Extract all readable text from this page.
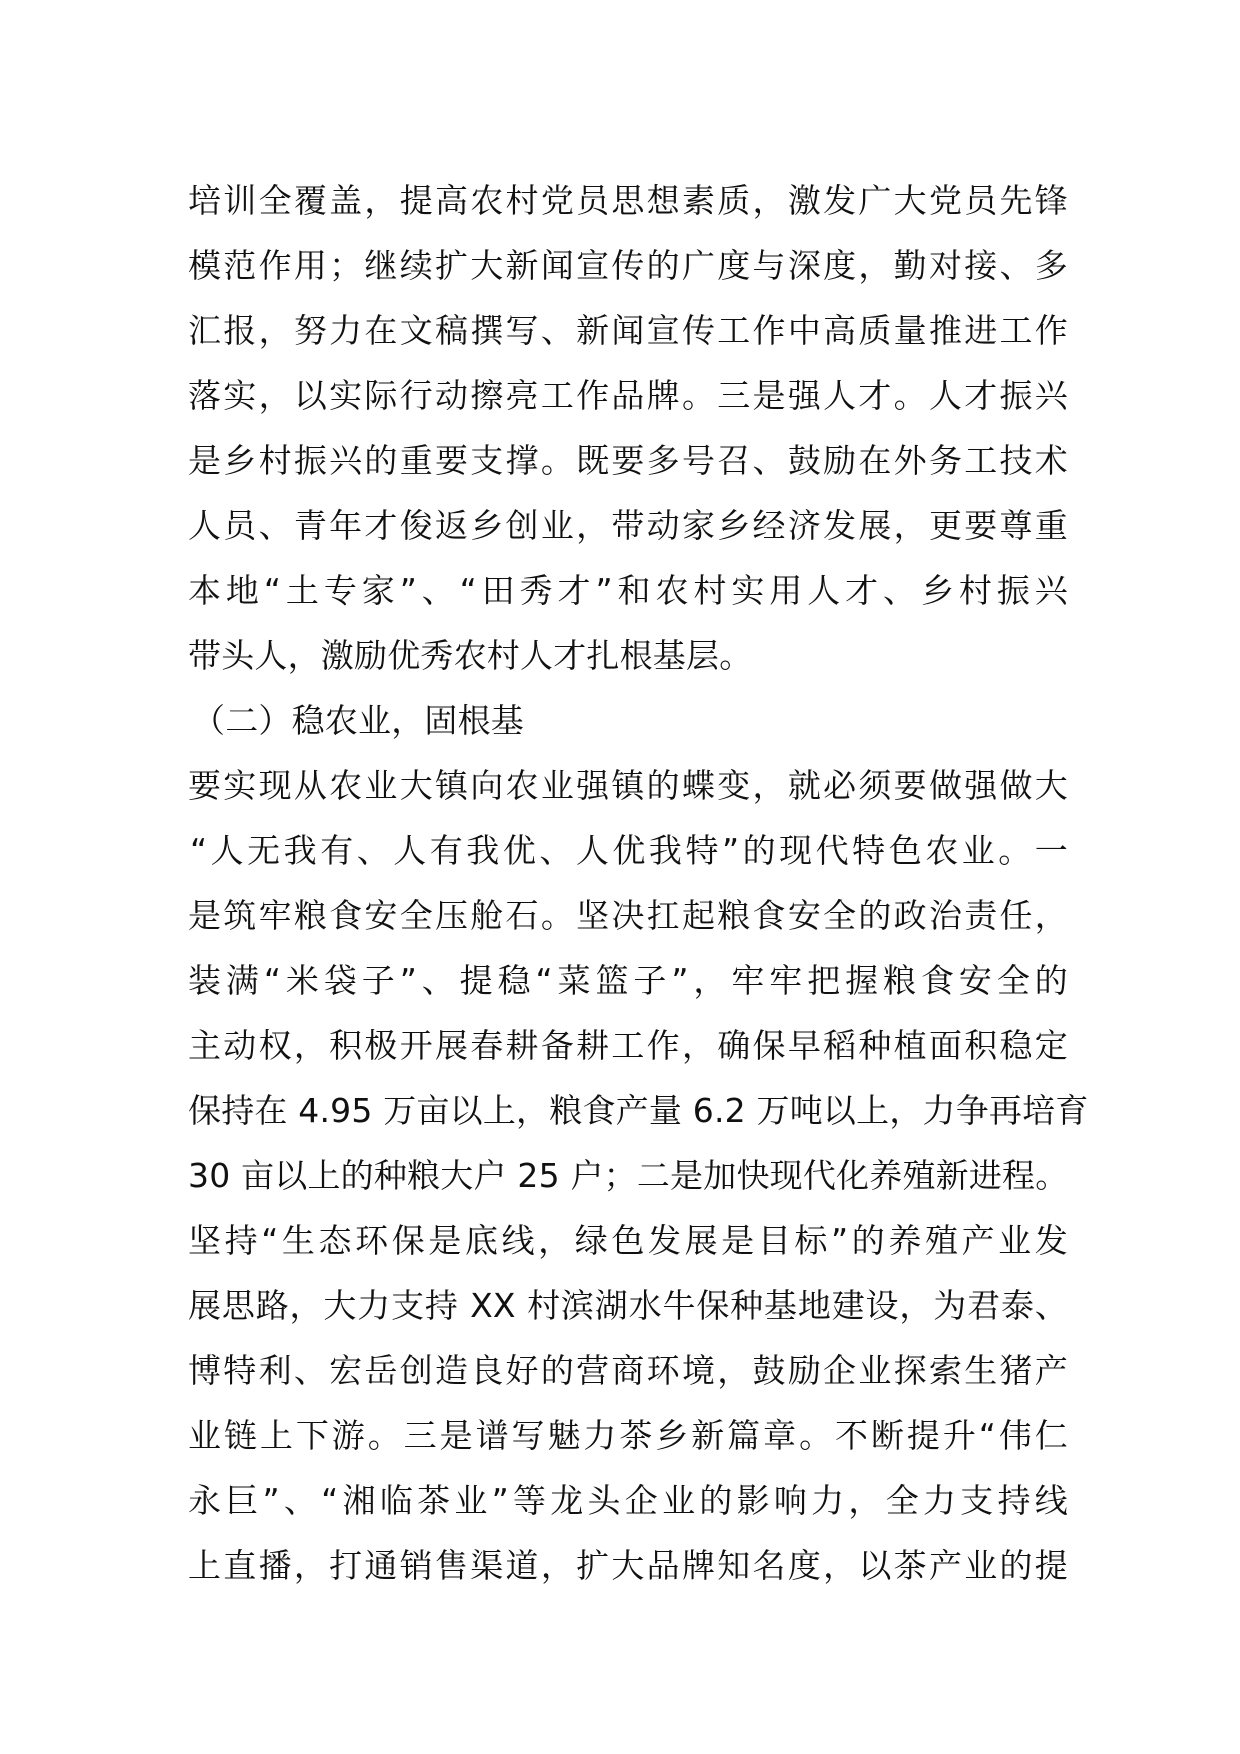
培训全覆盖，提高农村党员思想素质，激发广大党员先锋
模范作用；继续扩大新闻宣传的广度与深度，勤对接、多
汇报，努力在文稿撰写、新闻宣传工作中高质量推进工作
落实，以实际行动擦亮工作品牌。三是强人才。人才振兴
是乡村振兴的重要支撑。既要多号召、鼓励在外务工技术
人员、青年才俊返乡创业，带动家乡经济发展，更要尊重
本地“土专家”、“田秀才”和农村实用人才、乡村振兴
带头人，激励优秀农村人才扎根基层。
（二）稳农业，固根基
要实现从农业大镇向农业强镇的蝶变，就必须要做强做大
“人无我有、人有我优、人优我特”的现代特色农业。一
是筑牢粮食安全压舱石。坚决扛起粮食安全的政治责任，
装满“米袋子”、提稳“菜篮子”，牢牢把握粮食安全的
主动权，积极开展春耕备耕工作，确保早稻种植面积稳定
保持在 4.95 万亩以上，粮食产量 6.2 万吨以上，力争再培育
30 亩以上的种粮大户 25 户；二是加快现代化养殖新进程。
坚持“生态环保是底线，绿色发展是目标”的养殖产业发
展思路，大力支持 XX 村滨湖水牛保种基地建设，为君泰、
博特利、宏岳创造良好的营商环境，鼓励企业探索生猪产
业链上下游。三是谱写魅力茶乡新篇章。不断提升“伟仁
永巨”、“湘临茶业”等龙头企业的影响力，全力支持线
上直播，打通销售渠道，扩大品牌知名度，以茶产业的提
